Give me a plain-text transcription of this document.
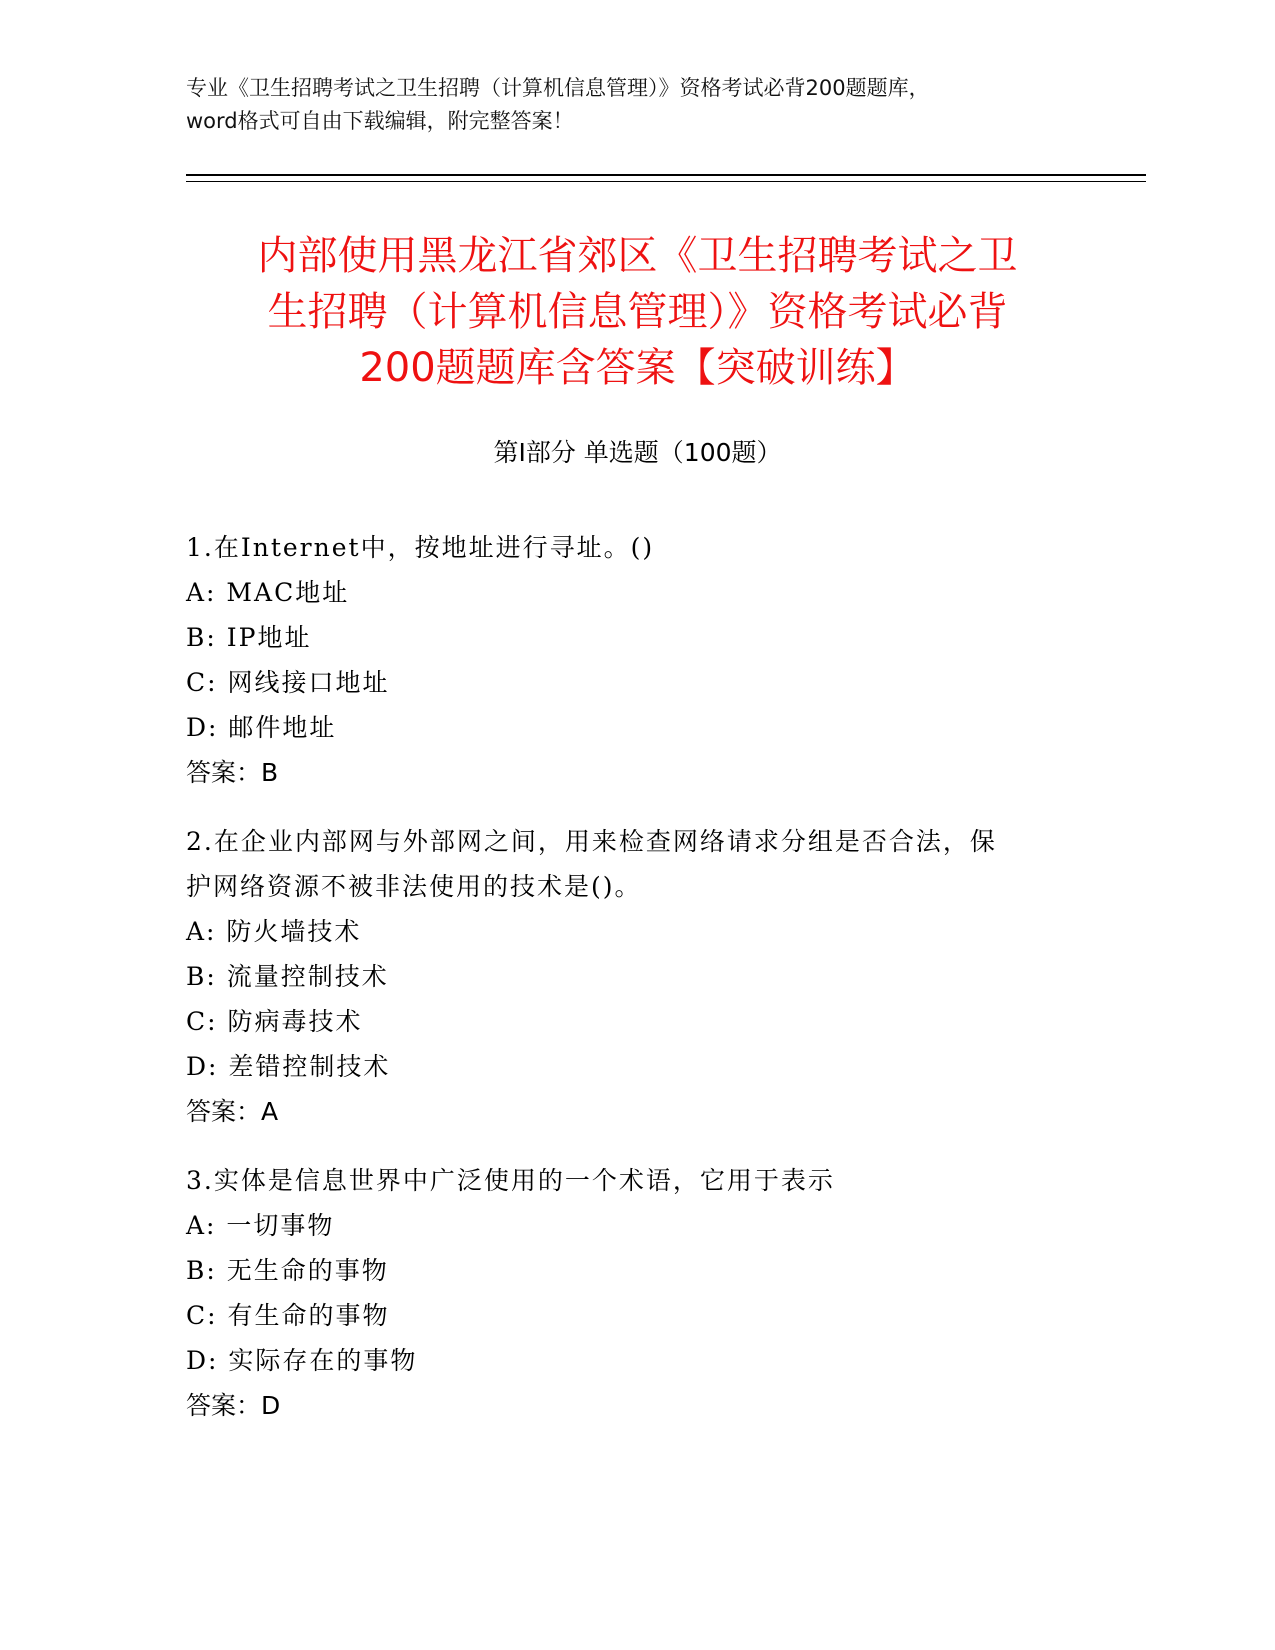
专业《卫生招聘考试之卫生招聘（计算机信息管理）》资格考试必背200题题库，
word格式可自由下载编辑，附完整答案！
内部使用黑龙江省郊区《卫生招聘考试之卫
生招聘（计算机信息管理）》资格考试必背
200题题库含答案【突破训练】
第Ⅰ部分 单选题（100题）
1.在Internet中，按地址进行寻址。()
A: MAC地址
B: IP地址
C: 网线接口地址
D: 邮件地址
答案：B
2.在企业内部网与外部网之间，用来检查网络请求分组是否合法，保
护网络资源不被非法使用的技术是()。
A: 防火墙技术
B: 流量控制技术
C: 防病毒技术
D: 差错控制技术
答案：A
3.实体是信息世界中广泛使用的一个术语，它用于表示
A: 一切事物
B: 无生命的事物
C: 有生命的事物
D: 实际存在的事物
答案：D
